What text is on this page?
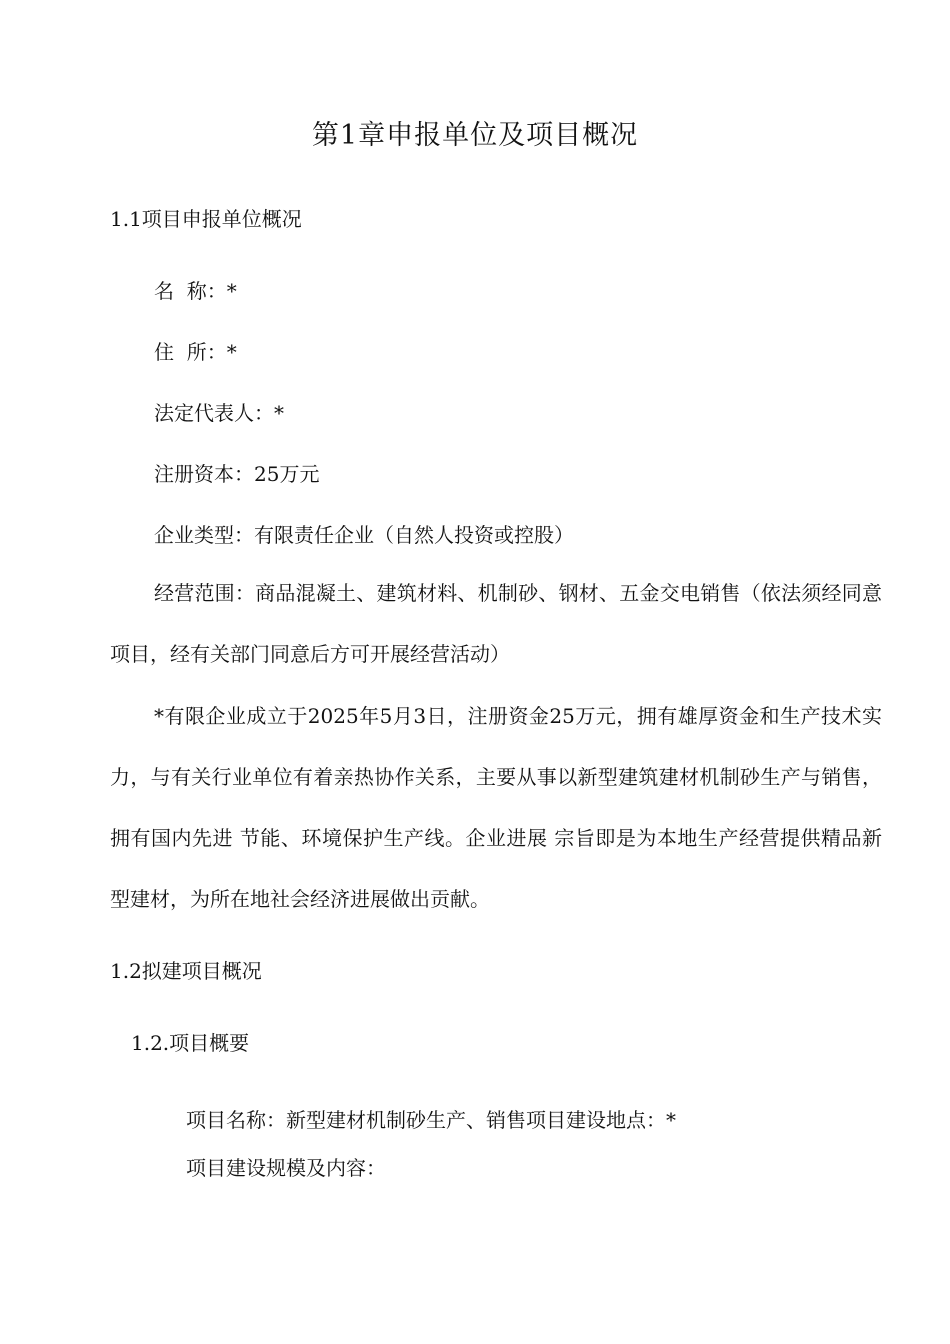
第1章申报单位及项目概况
1.1项目申报单位概况
名  称：*
住  所：*
法定代表人：*
注册资本：25万元
企业类型：有限责任企业（自然人投资或控股）
经营范围：商品混凝土、建筑材料、机制砂、钢材、五金交电销售（依法须经同意 项目，经有关部门同意后方可开展经营活动）
*有限企业成立于2025年5月3日，注册资金25万元，拥有雄厚资金和生产技术实力，与有关行业单位有着亲热协作关系，主要从事以新型建筑建材机制砂生产与销售，拥有国内先进 节能、环境保护生产线。企业进展 宗旨即是为本地生产经营提供精品新型建材，为所在地社会经济进展做出贡献。
1.2拟建项目概况
1.2.项目概要
项目名称：新型建材机制砂生产、销售项目建设地点：*
项目建设规模及内容：
